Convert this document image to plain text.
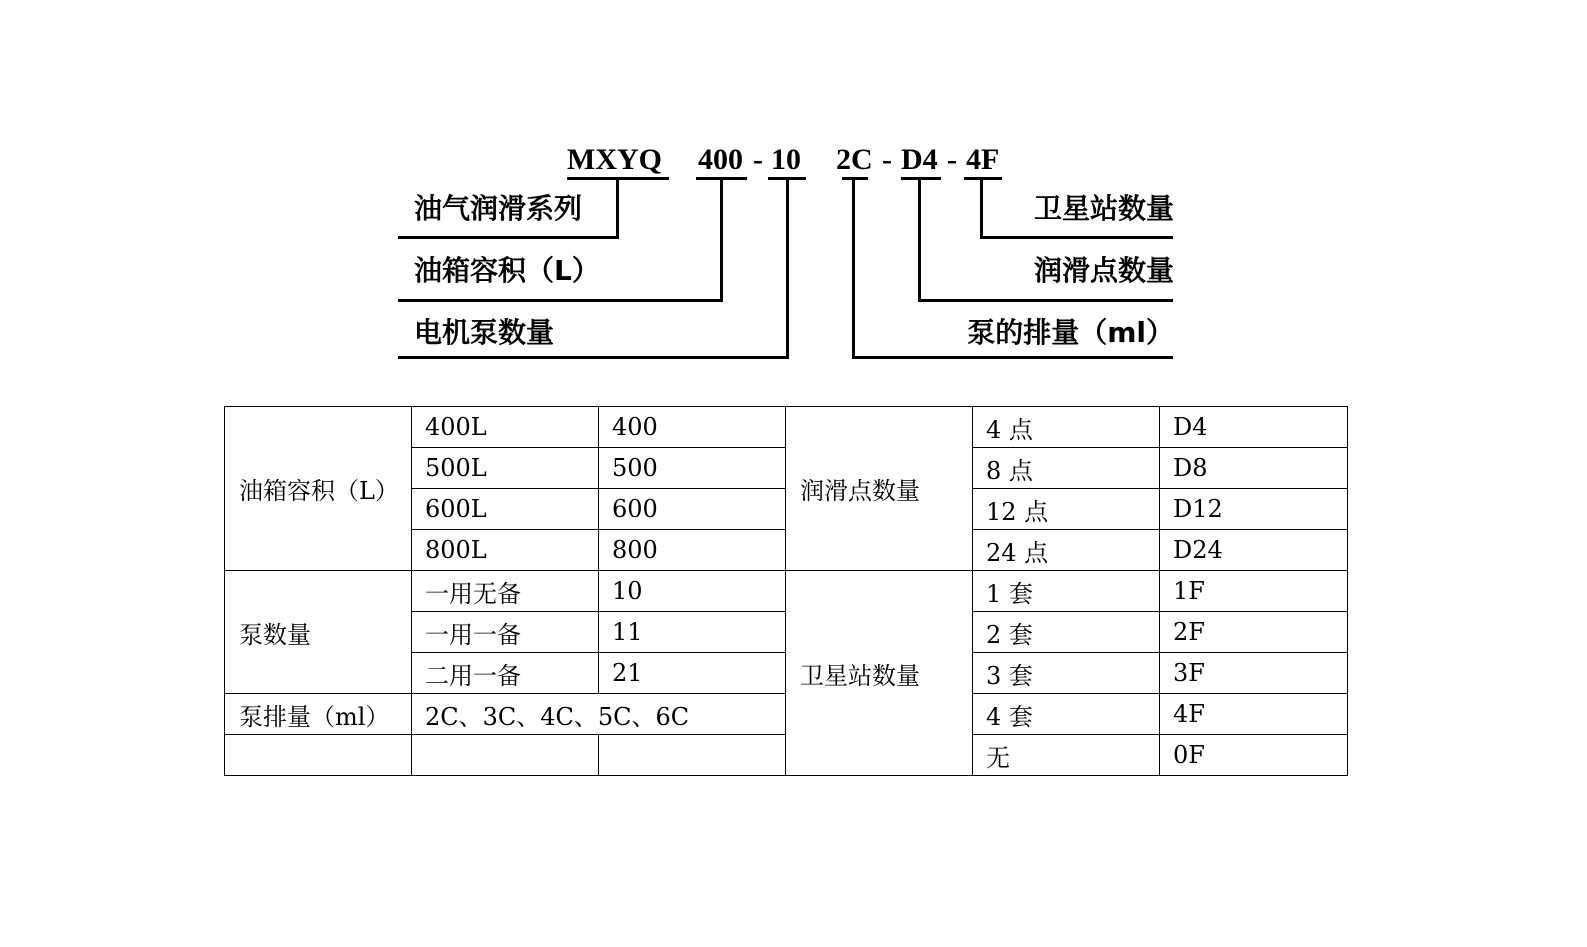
MXYQ 400 - 10 2C - D4 - 4F
油气润滑系列
油箱容积（L）
电机泵数量
卫星站数量
润滑点数量
泵的排量（ml）
油箱容积（L）	400L	400	润滑点数量	4 点	D4
	500L	500		8 点	D8
	600L	600		12 点	D12
	800L	800		24 点	D24
泵数量	一用无备	10	卫星站数量	1 套	1F
	一用一备	11		2 套	2F
	二用一备	21		3 套	3F
泵排量（ml）	2C、3C、4C、5C、6C			4 套	4F
				无	0F
